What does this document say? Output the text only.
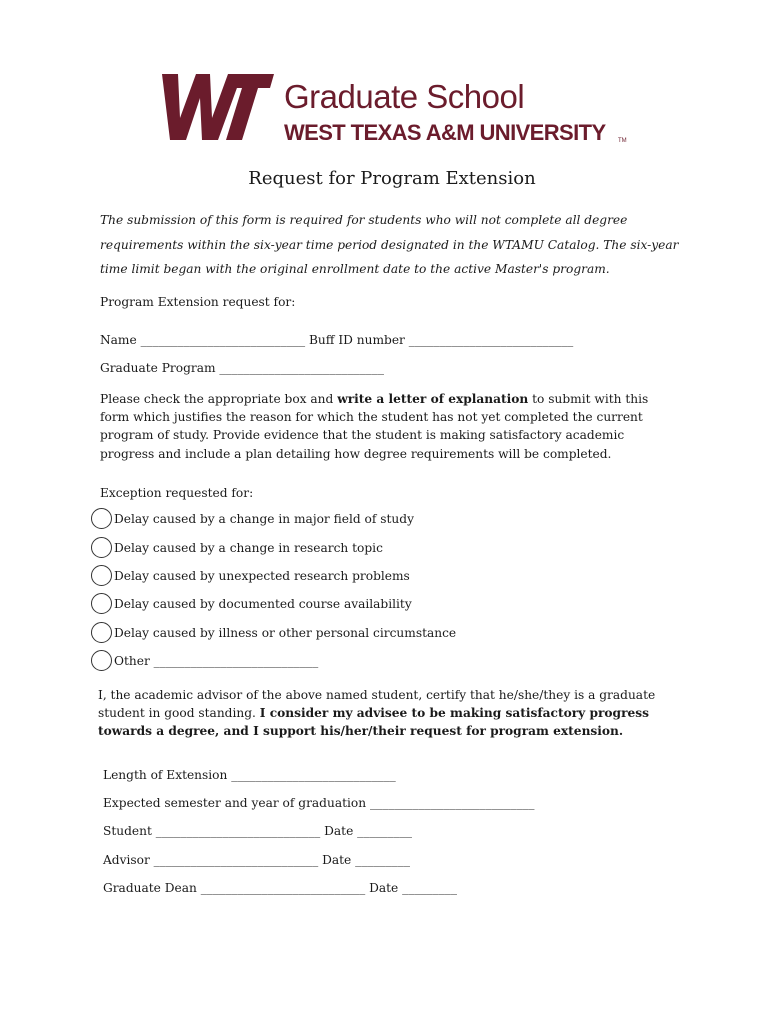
Graduate School
WEST TEXAS A&M UNIVERSITY TM
Request for Program Extension
The submission of this form is required for students who will not complete all degree requirements within the six-year time period designated in the WTAMU Catalog. The six-year time limit began with the original enrollment date to the active Master's program.
Program Extension request for:
Name ___________________________ Buff ID number ___________________________
Graduate Program ___________________________
Please check the appropriate box and write a letter of explanation to submit with this form which justifies the reason for which the student has not yet completed the current program of study. Provide evidence that the student is making satisfactory academic progress and include a plan detailing how degree requirements will be completed.
Exception requested for:
Delay caused by a change in major field of study
Delay caused by a change in research topic
Delay caused by unexpected research problems
Delay caused by documented course availability
Delay caused by illness or other personal circumstance
Other ___________________________
I, the academic advisor of the above named student, certify that he/she/they is a graduate student in good standing. I consider my advisee to be making satisfactory progress towards a degree, and I support his/her/their request for program extension.
Length of Extension ___________________________
Expected semester and year of graduation ___________________________
Student ___________________________ Date _________
Advisor ___________________________ Date _________
Graduate Dean ___________________________ Date _________
